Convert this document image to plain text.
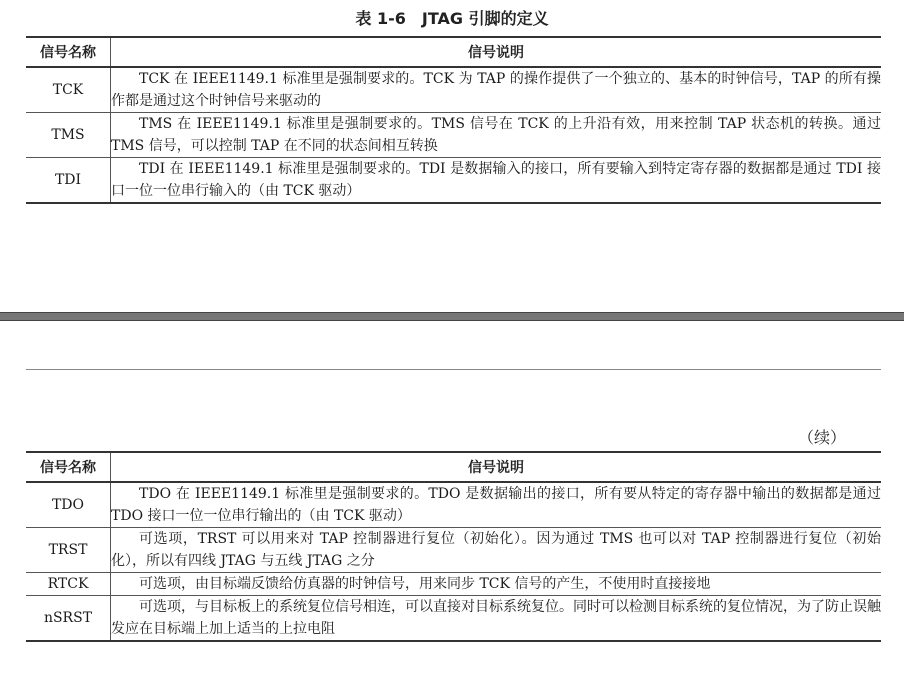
表 1-6　JTAG 引脚的定义
信号名称	信号说明
TCK	TCK 在 IEEE1149.1 标准里是强制要求的。TCK 为 TAP 的操作提供了一个独立的、基本的时钟信号，TAP 的所有操作都是通过这个时钟信号来驱动的
TMS	TMS 在 IEEE1149.1 标准里是强制要求的。TMS 信号在 TCK 的上升沿有效，用来控制 TAP 状态机的转换。通过 TMS 信号，可以控制 TAP 在不同的状态间相互转换
TDI	TDI 在 IEEE1149.1 标准里是强制要求的。TDI 是数据输入的接口，所有要输入到特定寄存器的数据都是通过 TDI 接口一位一位串行输入的（由 TCK 驱动）
（续）
信号名称	信号说明
TDO	TDO 在 IEEE1149.1 标准里是强制要求的。TDO 是数据输出的接口，所有要从特定的寄存器中输出的数据都是通过 TDO 接口一位一位串行输出的（由 TCK 驱动）
TRST	可选项，TRST 可以用来对 TAP 控制器进行复位（初始化）。因为通过 TMS 也可以对 TAP 控制器进行复位（初始化），所以有四线 JTAG 与五线 JTAG 之分
RTCK	可选项，由目标端反馈给仿真器的时钟信号，用来同步 TCK 信号的产生，不使用时直接接地
nSRST	可选项，与目标板上的系统复位信号相连，可以直接对目标系统复位。同时可以检测目标系统的复位情况，为了防止误触发应在目标端上加上适当的上拉电阻
